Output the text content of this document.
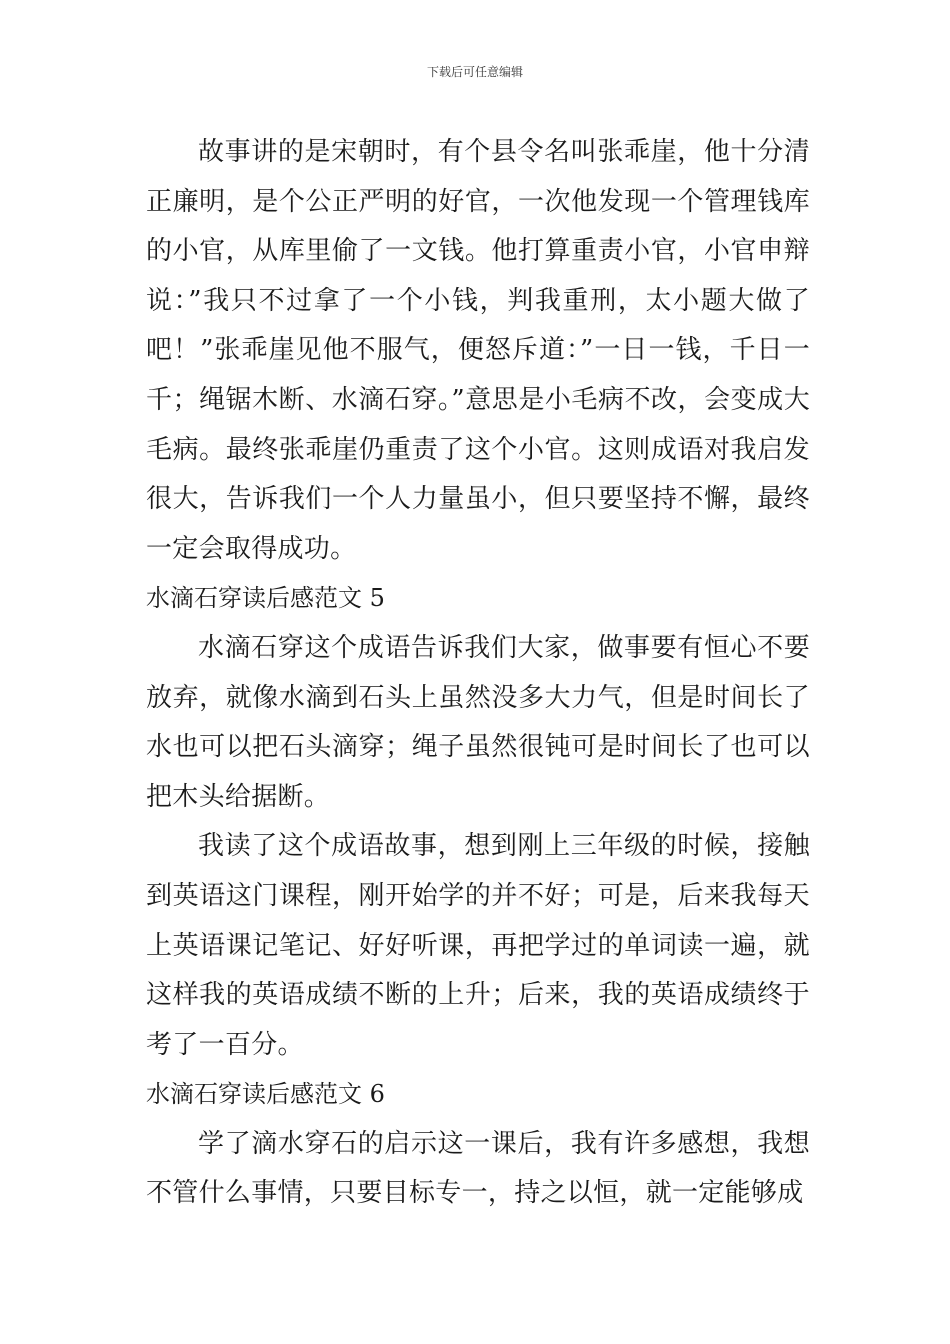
下载后可任意编辑

故事讲的是宋朝时，有个县令名叫张乖崖，他十分清正廉明，是个公正严明的好官，一次他发现一个管理钱库的小官，从库里偷了一文钱。他打算重责小官，小官申辩说：”我只不过拿了一个小钱，判我重刑，太小题大做了吧！”张乖崖见他不服气，便怒斥道：”一日一钱，千日一千；绳锯木断、水滴石穿。”意思是小毛病不改，会变成大毛病。最终张乖崖仍重责了这个小官。这则成语对我启发很大，告诉我们一个人力量虽小，但只要坚持不懈，最终一定会取得成功。

水滴石穿读后感范文 5

水滴石穿这个成语告诉我们大家，做事要有恒心不要放弃，就像水滴到石头上虽然没多大力气，但是时间长了水也可以把石头滴穿；绳子虽然很钝可是时间长了也可以把木头给据断。

我读了这个成语故事，想到刚上三年级的时候，接触到英语这门课程，刚开始学的并不好；可是，后来我每天上英语课记笔记、好好听课，再把学过的单词读一遍，就这样我的英语成绩不断的上升；后来，我的英语成绩终于考了一百分。

水滴石穿读后感范文 6

学了滴水穿石的启示这一课后，我有许多感想，我想不管什么事情，只要目标专一，持之以恒，就一定能够成
